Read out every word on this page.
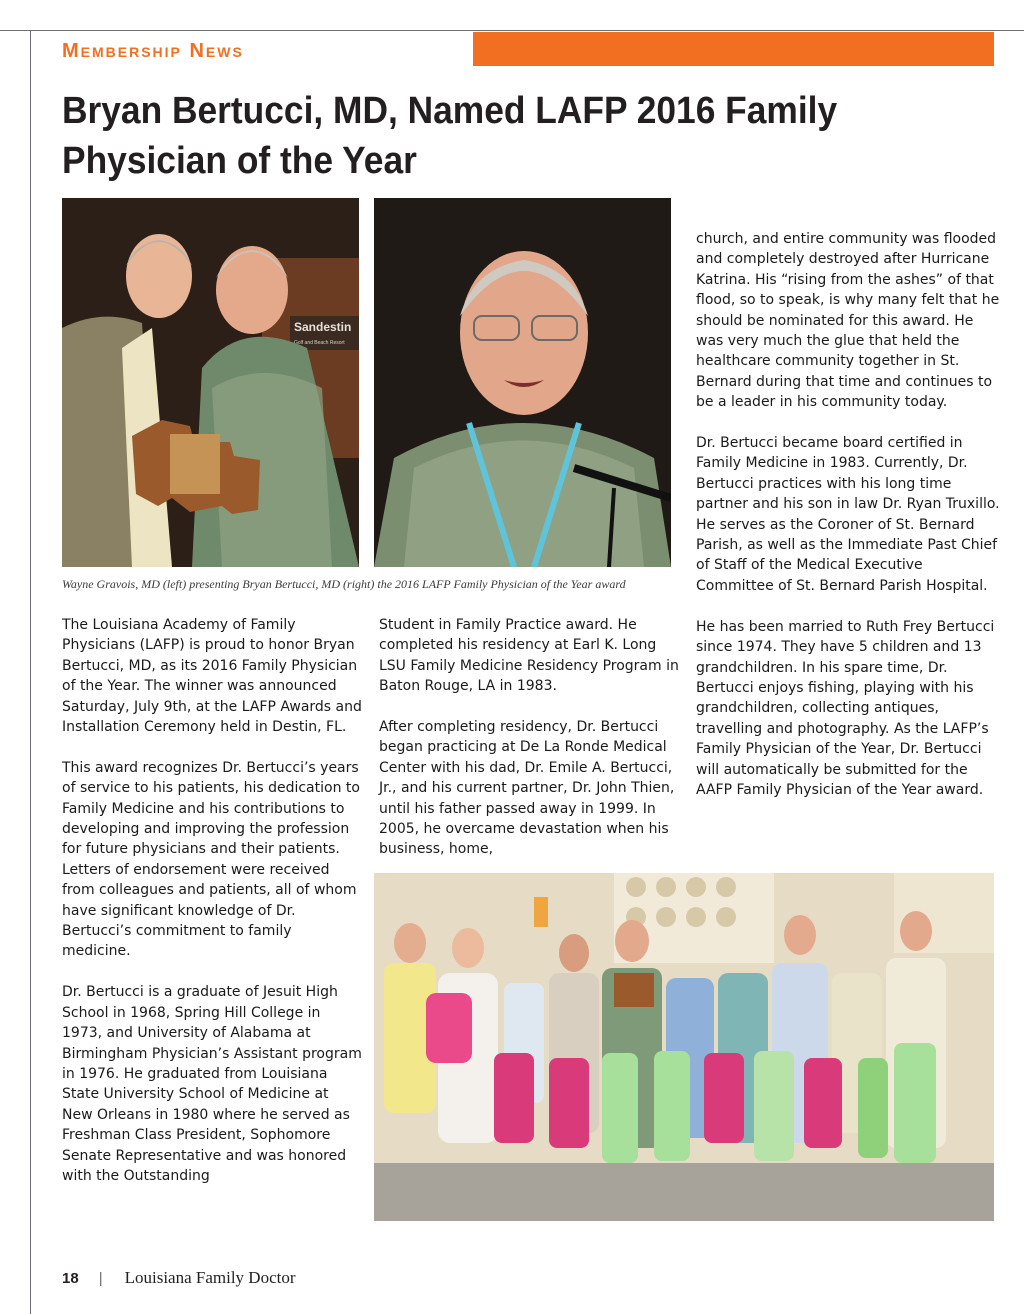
Membership News
Bryan Bertucci, MD, Named LAFP 2016 Family Physician of the Year
Sandestin
Golf and Beach Resort

Wayne Gravois, MD (left) presenting Bryan Bertucci, MD (right) the 2016 LAFP Family Physician of the Year award

The Louisiana Academy of Family Physicians (LAFP) is proud to honor Bryan Bertucci, MD, as its 2016 Family Physician of the Year. The winner was announced Saturday, July 9th, at the LAFP Awards and Installation Ceremony held in Destin, FL.

This award recognizes Dr. Bertucci’s years of service to his patients, his dedication to Family Medicine and his contributions to developing and improving the profession for future physicians and their patients. Letters of endorsement were received from colleagues and patients, all of whom have significant knowledge of Dr. Bertucci’s commitment to family medicine.

Dr. Bertucci is a graduate of Jesuit High School in 1968, Spring Hill College in 1973, and University of Alabama at Birmingham Physician’s Assistant program in 1976. He graduated from Louisiana State University School of Medicine at New Orleans in 1980 where he served as Freshman Class President, Sophomore Senate Representative and was honored with the Outstanding

Student in Family Practice award. He completed his residency at Earl K. Long LSU Family Medicine Residency Program in Baton Rouge, LA in 1983.

After completing residency, Dr. Bertucci began practicing at De La Ronde Medical Center with his dad, Dr. Emile A. Bertucci, Jr., and his current partner, Dr. John Thien, until his father passed away in 1999. In 2005, he overcame devastation when his business, home,

church, and entire community was flooded and completely destroyed after Hurricane Katrina. His “rising from the ashes” of that flood, so to speak, is why many felt that he should be nominated for this award. He was very much the glue that held the healthcare community together in St. Bernard during that time and continues to be a leader in his community today.

Dr. Bertucci became board certified in Family Medicine in 1983. Currently, Dr. Bertucci practices with his long time partner and his son in law Dr. Ryan Truxillo. He serves as the Coroner of St. Bernard Parish, as well as the Immediate Past Chief of Staff of the Medical Executive Committee of St. Bernard Parish Hospital.

He has been married to Ruth Frey Bertucci since 1974. They have 5 children and 13 grandchildren. In his spare time, Dr. Bertucci enjoys fishing, playing with his grandchildren, collecting antiques, travelling and photography. As the LAFP’s Family Physician of the Year, Dr. Bertucci will automatically be submitted for the AAFP Family Physician of the Year award.

18 | Louisiana Family Doctor
